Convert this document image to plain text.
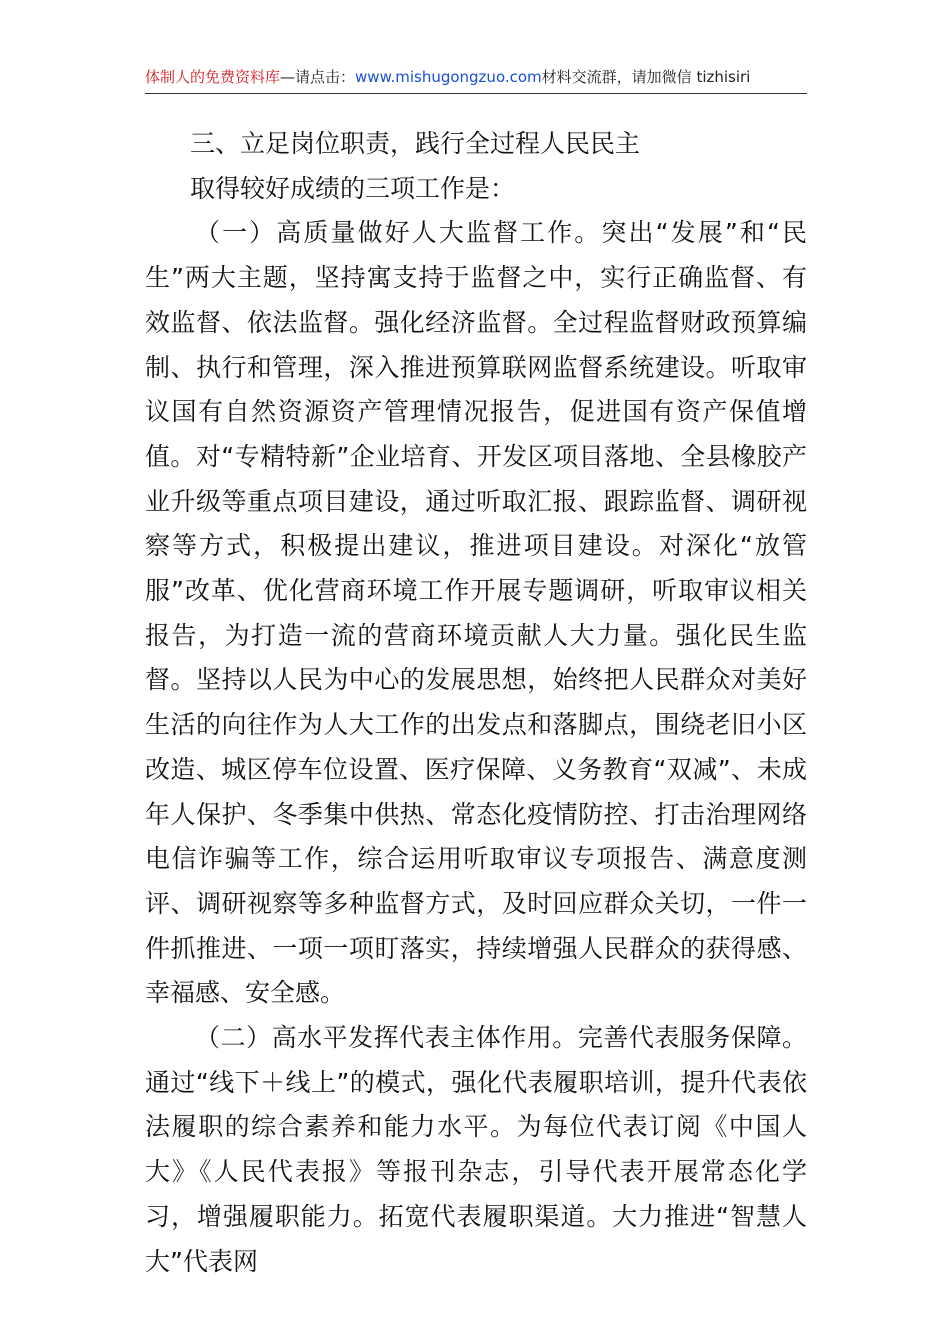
体制人的免费资料库—请点击：www.mishugongzuo.com材料交流群，请加微信 tizhisiri

三、立足岗位职责，践行全过程人民民主

取得较好成绩的三项工作是：

（一）高质量做好人大监督工作。突出“发展”和“民生”两大主题，坚持寓支持于监督之中，实行正确监督、有效监督、依法监督。强化经济监督。全过程监督财政预算编制、执行和管理，深入推进预算联网监督系统建设。听取审议国有自然资源资产管理情况报告，促进国有资产保值增值。对“专精特新”企业培育、开发区项目落地、全县橡胶产业升级等重点项目建设，通过听取汇报、跟踪监督、调研视察等方式，积极提出建议，推进项目建设。对深化“放管服”改革、优化营商环境工作开展专题调研，听取审议相关报告，为打造一流的营商环境贡献人大力量。强化民生监督。坚持以人民为中心的发展思想，始终把人民群众对美好生活的向往作为人大工作的出发点和落脚点，围绕老旧小区改造、城区停车位设置、医疗保障、义务教育“双减”、未成年人保护、冬季集中供热、常态化疫情防控、打击治理网络电信诈骗等工作，综合运用听取审议专项报告、满意度测评、调研视察等多种监督方式，及时回应群众关切，一件一件抓推进、一项一项盯落实，持续增强人民群众的获得感、幸福感、安全感。

（二）高水平发挥代表主体作用。完善代表服务保障。通过“线下＋线上”的模式，强化代表履职培训，提升代表依法履职的综合素养和能力水平。为每位代表订阅《中国人大》《人民代表报》等报刊杂志，引导代表开展常态化学习，增强履职能力。拓宽代表履职渠道。大力推进“智慧人大”代表网
